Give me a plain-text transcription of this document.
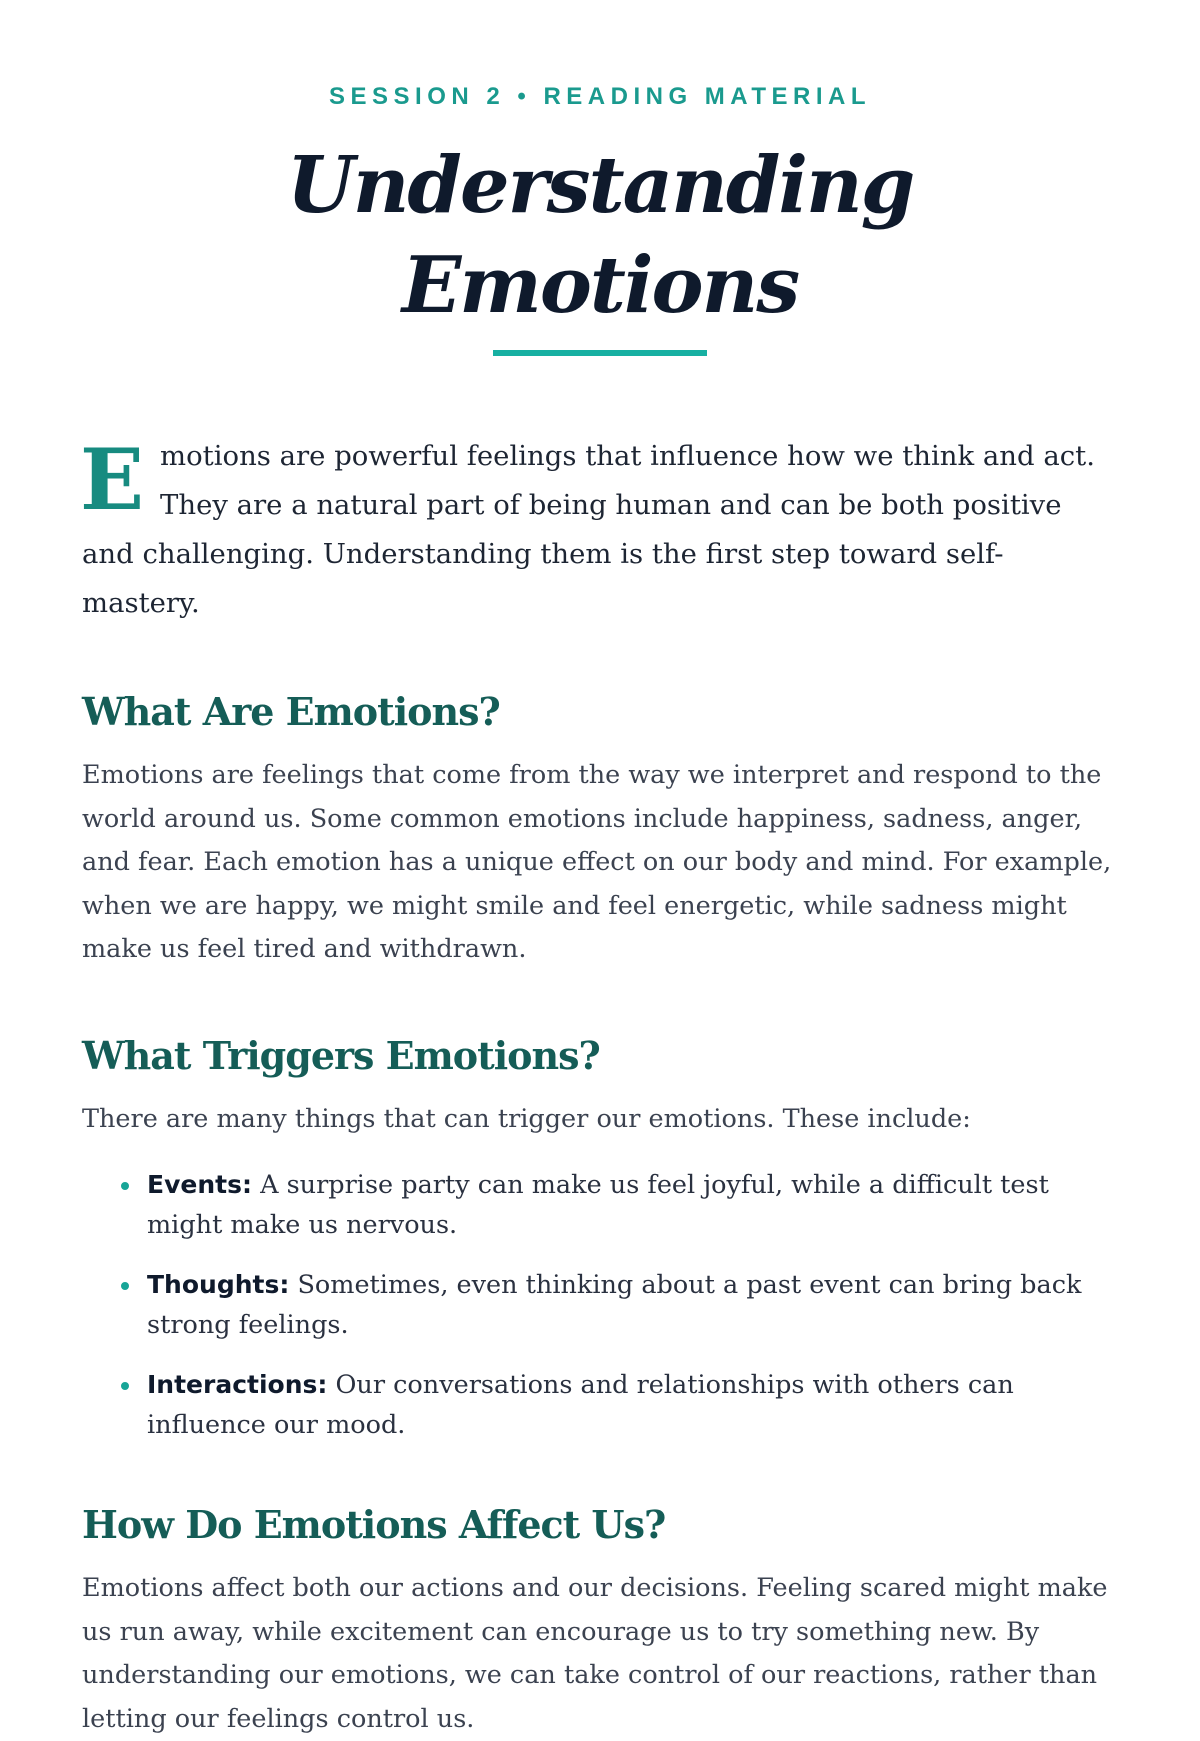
SESSION 2 • READING MATERIAL
Understanding Emotions

Emotions are powerful feelings that influence how we think and act. They are a natural part of being human and can be both positive and challenging. Understanding them is the first step toward self-mastery.

What Are Emotions?

Emotions are feelings that come from the way we interpret and respond to the world around us. Some common emotions include happiness, sadness, anger, and fear. Each emotion has a unique effect on our body and mind. For example, when we are happy, we might smile and feel energetic, while sadness might make us feel tired and withdrawn.

What Triggers Emotions?

There are many things that can trigger our emotions. These include:

Events: A surprise party can make us feel joyful, while a difficult test might make us nervous.
Thoughts: Sometimes, even thinking about a past event can bring back strong feelings.
Interactions: Our conversations and relationships with others can influence our mood.
How Do Emotions Affect Us?

Emotions affect both our actions and our decisions. Feeling scared might make us run away, while excitement can encourage us to try something new. By understanding our emotions, we can take control of our reactions, rather than letting our feelings control us.
